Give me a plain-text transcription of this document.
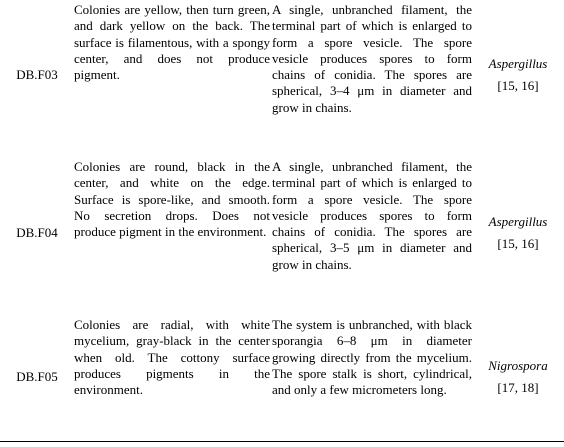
DB.F03	Colonies are yellow, then turn green, and dark yellow on the back. The surface is filamentous, with a spongy center, and does not produce pigment.	A single, unbranched filament, the terminal part of which is enlarged to form a spore vesicle. The spore vesicle produces spores to form chains of conidia. The spores are spherical, 3–4 μm in diameter and grow in chains.	Aspergillus
[15, 16]

DB.F04	Colonies are round, black in the center, and white on the edge. Surface is spore-like, and smooth. No secretion drops. Does not produce pigment in the environment.	A single, unbranched filament, the terminal part of which is enlarged to form a spore vesicle. The spore vesicle produces spores to form chains of conidia. The spores are spherical, 3–5 μm in diameter and grow in chains.	Aspergillus
[15, 16]

DB.F05	Colonies are radial, with white mycelium, gray-black in the center when old. The cottony surface produces pigments in the environment.	The system is unbranched, with black sporangia 6–8 μm in diameter growing directly from the mycelium. The spore stalk is short, cylindrical, and only a few micrometers long.	Nigrospora
[17, 18]
